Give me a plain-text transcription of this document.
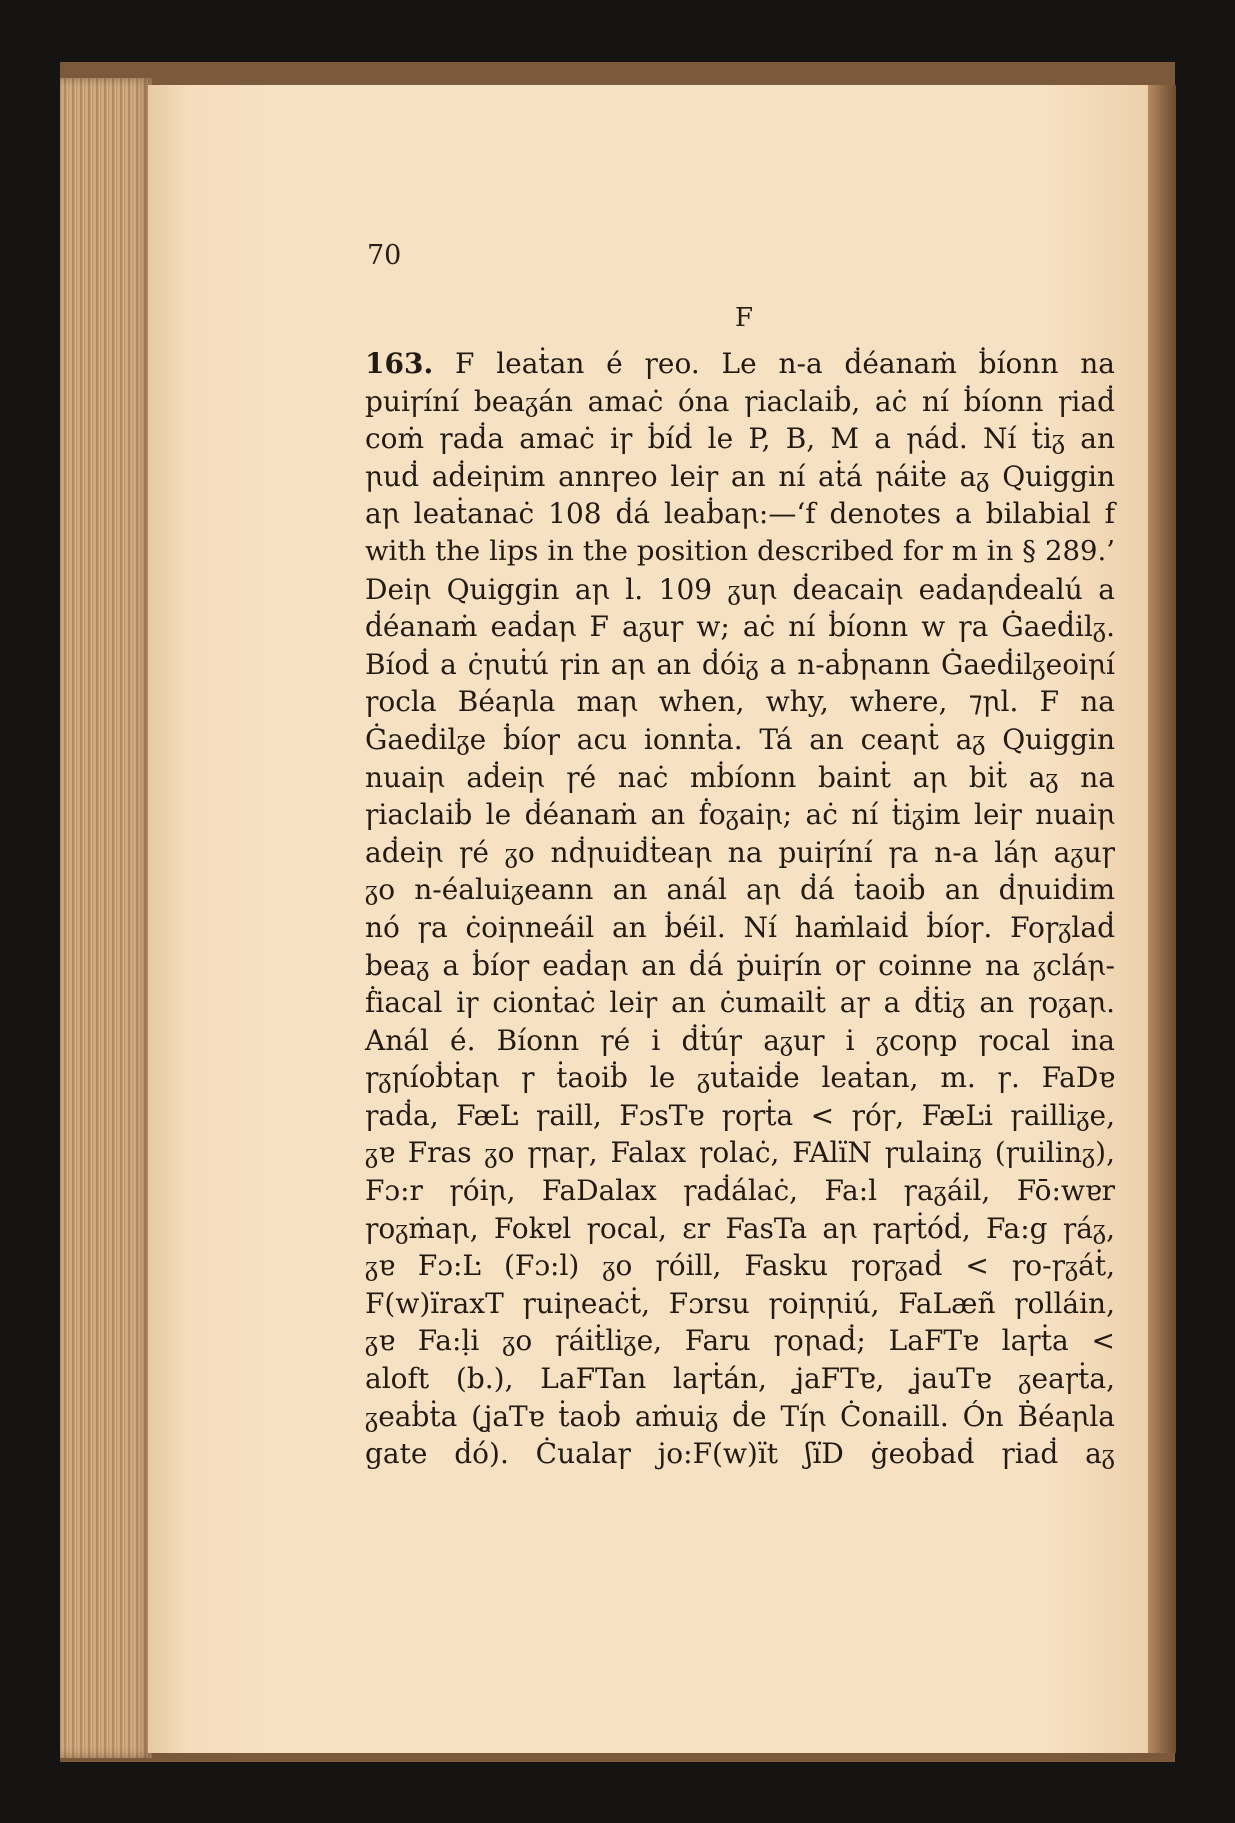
70
F
163. F leaṫan é ꞅeo. Le n-a ḋéanaṁ ḃíonn na
puiꞅíní beaᵹán amaċ óna ꞅiaclaiḃ, aċ ní ḃíonn ꞅiaḋ
coṁ ꞅaḋa amaċ iꞅ ḃíḋ le P, B, M a ꞃáḋ. Ní ṫiᵹ an
ꞃuḋ aḋeiꞃim annꞅeo leiꞅ an ní aṫá ꞃáiṫe aᵹ Quiggin
aꞃ leaṫanaċ 108 ḋá leaḃaꞃ:—‘f denotes a bilabial f
with the lips in the position described for m in § 289.’
Deiꞃ Quiggin aꞃ l. 109 ᵹuꞃ ḋeacaiꞃ eaḋaꞃḋealú a
ḋéanaṁ eaḋaꞃ F aᵹuꞅ w; aċ ní ḃíonn w ꞅa Ġaeḋilᵹ.
Bíoḋ a ċꞃuṫú ꞅin aꞃ an ḋóiᵹ a n-aḃꞃann Ġaeḋilᵹeoiꞃí
ꞅocla Béaꞃla maꞃ when, why, where, ⁊ꞃl. F na
Ġaeḋilᵹe ḃíoꞅ acu ionnṫa. Tá an ceaꞃṫ aᵹ Quiggin
nuaiꞃ aḋeiꞃ ꞅé naċ mḃíonn bainṫ aꞃ biṫ aᵹ na
ꞅiaclaiḃ le ḋéanaṁ an ḟoᵹaiꞃ; aċ ní ṫiᵹim leiꞅ nuaiꞃ
aḋeiꞃ ꞅé ᵹo nḋꞃuiḋṫeaꞃ na puiꞅíní ꞅa n-a láꞃ aᵹuꞅ
ᵹo n-éaluiᵹeann an anál aꞃ ḋá ṫaoiḃ an ḋꞃuiḋim
nó ꞅa ċoiꞃneáil an ḃéil. Ní haṁlaiḋ ḃíoꞅ. Foꞅᵹlaḋ
beaᵹ a ḃíoꞅ eaḋaꞃ an ḋá ṗuiꞅín oꞅ coinne na ᵹcláꞃ-
ḟiacal iꞅ cionṫaċ leiꞅ an ċumailṫ aꞅ a ḋṫiᵹ an ꞅoᵹaꞃ.
Anál é. Bíonn ꞅé i ḋṫúꞅ aᵹuꞅ i ᵹcoꞃp ꞅocal ina
ꞅᵹꞃíoḃṫaꞃ ꞅ ṫaoiḃ le ᵹuṫaiḋe leaṫan, m. ꞅ. FaDɐ
ꞅaḋa, FæĿ ꞅaill, FɔsTɐ ꞅoꞅṫa < ꞅóꞅ, FæĿi ꞅailliᵹe,
ᵹɐ Fras ᵹo ꞅꞃaꞅ, Falax ꞅolaċ, FAlïN ꞅulainᵹ (ꞅuilinᵹ),
Fɔ:r ꞅóiꞃ, FaDalax ꞅaḋálaċ, Fa:l ꞅaᵹáil, Fō:wɐr
ꞅoᵹṁaꞃ, Fokɐl ꞅocal, ɛr FasTa aꞃ ꞅaꞅṫóḋ, Fa:g ꞅáᵹ,
ᵹɐ Fɔ:Ŀ (Fɔ:l) ᵹo ꞅóill, Fasku ꞅoꞅᵹaḋ < ꞅo-ꞅᵹáṫ,
F(w)ïraxT ꞅuiꞃeaċṫ, Fɔrsu ꞅoiꞃꞃiú, FaLæñ ꞅolláin,
ᵹɐ Fa:ḷi ᵹo ꞅáiṫliᵹe, Faru ꞅoꞃaḋ; LaFTɐ laꞅṫa <
aloft (b.), LaFTan laꞅṫán, ʝaFTɐ, ʝauTɐ ᵹeaꞅṫa,
ᵹeaḃṫa (ʝaTɐ ṫaoḃ aṁuiᵹ ḋe Tíꞃ Ċonaill. Ón Ḃéaꞃla
gate ḋó). Ċualaꞅ jo:F(w)ït ʃïD ġeoḃaḋ ꞅiaḋ aᵹ
